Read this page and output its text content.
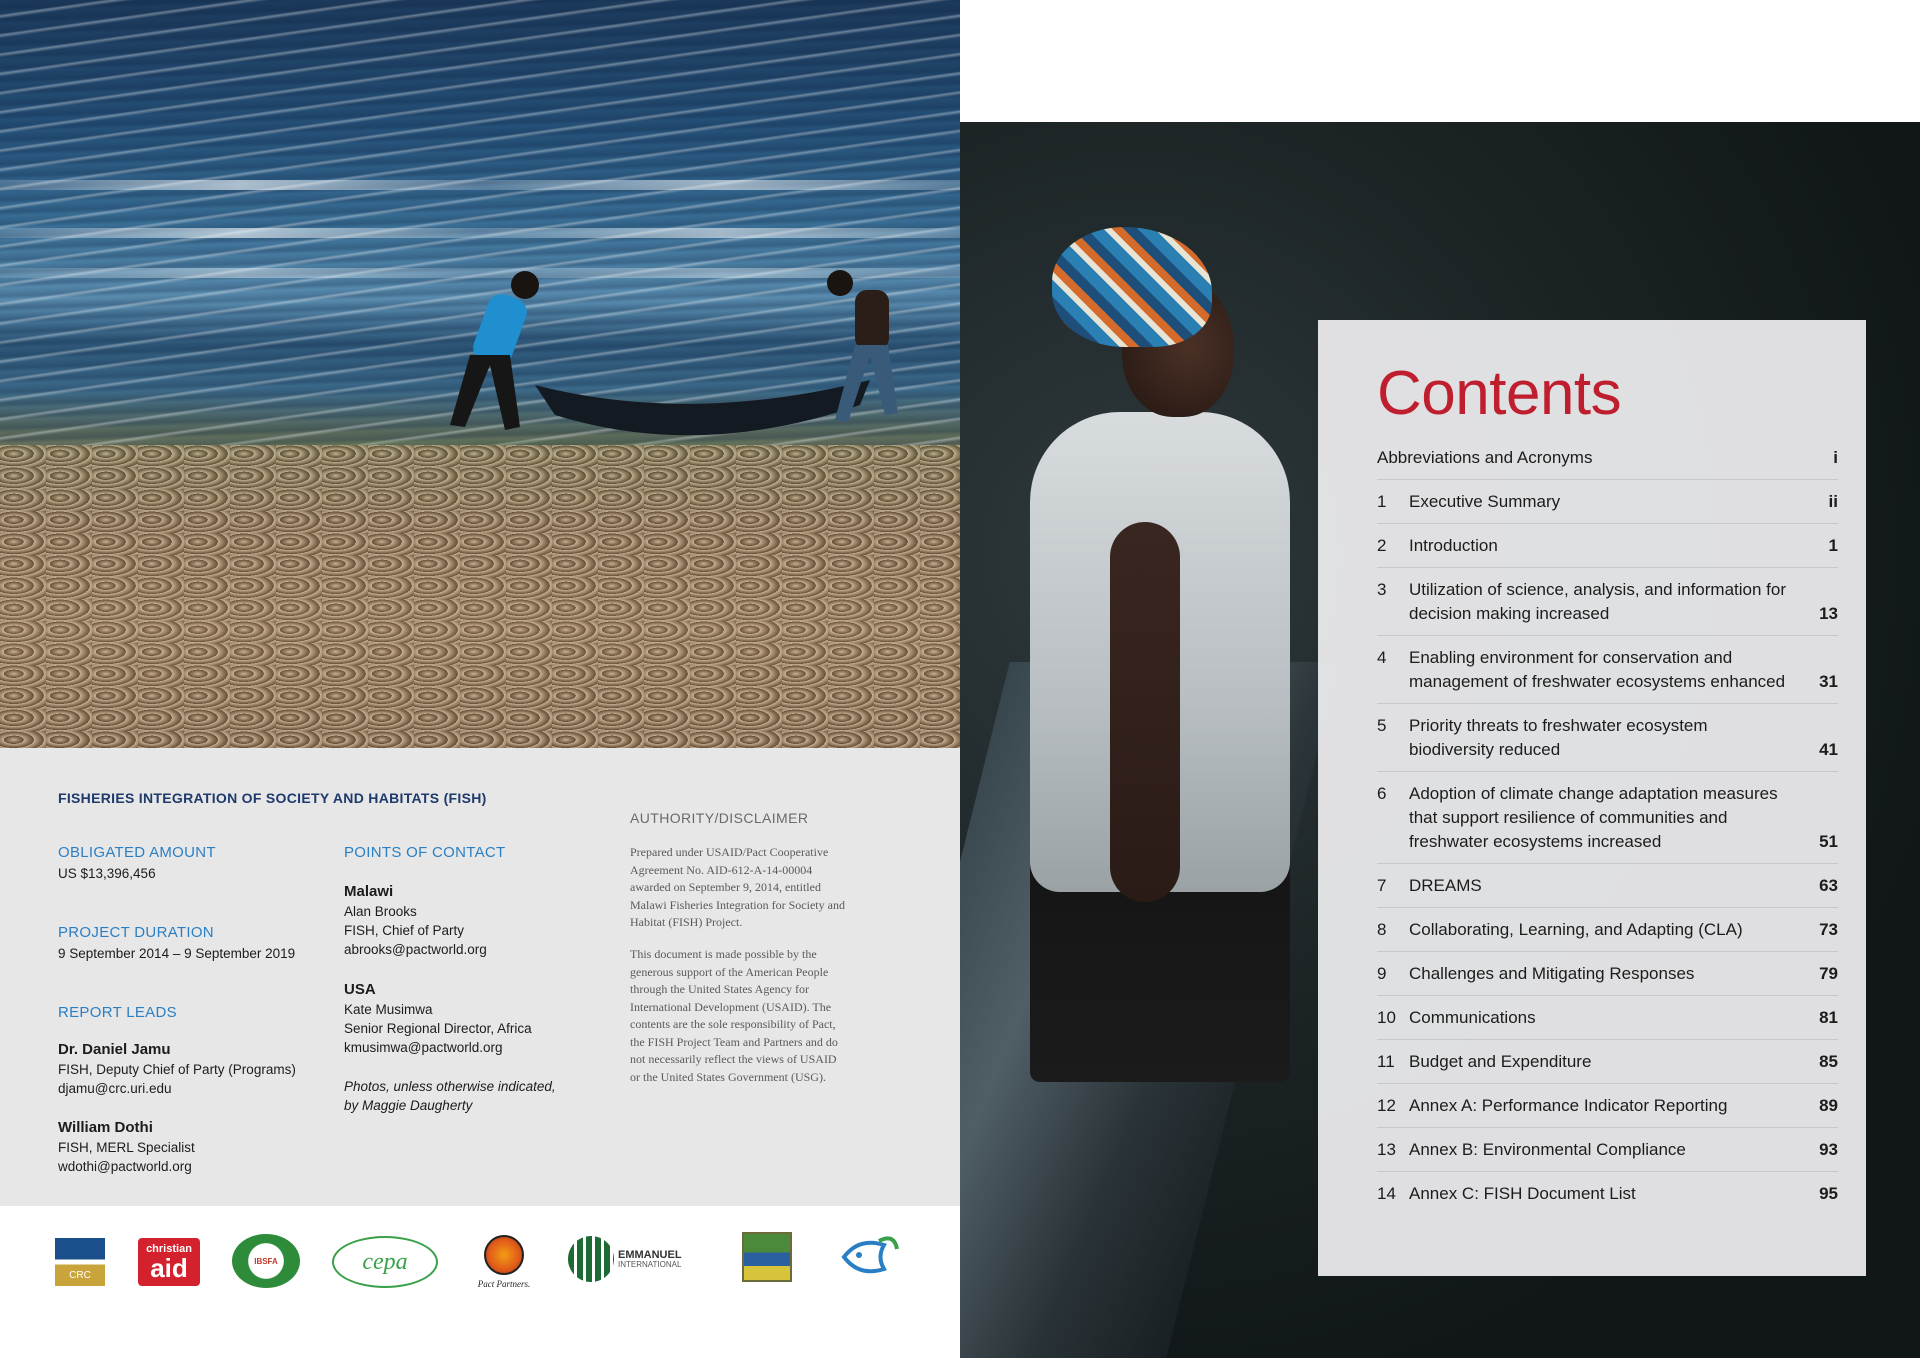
FISHERIES INTEGRATION OF SOCIETY AND HABITATS (FISH)
OBLIGATED AMOUNT
US $13,396,456
PROJECT DURATION
9 September 2014 – 9 September 2019
REPORT LEADS
Dr. Daniel Jamu
FISH, Deputy Chief of Party (Programs)
djamu@crc.uri.edu
William Dothi
FISH, MERL Specialist
wdothi@pactworld.org
POINTS OF CONTACT
Malawi
Alan Brooks
FISH, Chief of Party
abrooks@pactworld.org
USA
Kate Musimwa
Senior Regional Director, Africa
kmusimwa@pactworld.org
Photos, unless otherwise indicated,
by Maggie Daugherty
AUTHORITY/DISCLAIMER
Prepared under USAID/Pact Cooperative
Agreement No. AID-612-A-14-00004
awarded on September 9, 2014, entitled
Malawi Fisheries Integration for Society and
Habitat (FISH) Project.
This document is made possible by the
generous support of the American People
through the United States Agency for
International Development (USAID). The
contents are the sole responsibility of Pact,
the FISH Project Team and Partners and do
not necessarily reflect the views of USAID
or the United States Government (USG).
CRC
christian
aid	IBSFA	cepa
Pact Partners.
EMMANUEL
INTERNATIONAL
Contents
Abbreviations and Acronyms	i
1	Executive Summary	ii
2	Introduction	1
3	Utilization of science, analysis, and information for decision making increased	13
4	Enabling environment for conservation and management of freshwater ecosystems enhanced	31
5	Priority threats to freshwater ecosystem biodiversity reduced	41
6	Adoption of climate change adaptation measures that support resilience of communities and freshwater ecosystems increased	51
7	DREAMS	63
8	Collaborating, Learning, and Adapting (CLA)	73
9	Challenges and Mitigating Responses	79
10 Communications	81
11 Budget and Expenditure	85
12 Annex A: Performance Indicator Reporting	89
13 Annex B: Environmental Compliance	93
14 Annex C: FISH Document List	95
